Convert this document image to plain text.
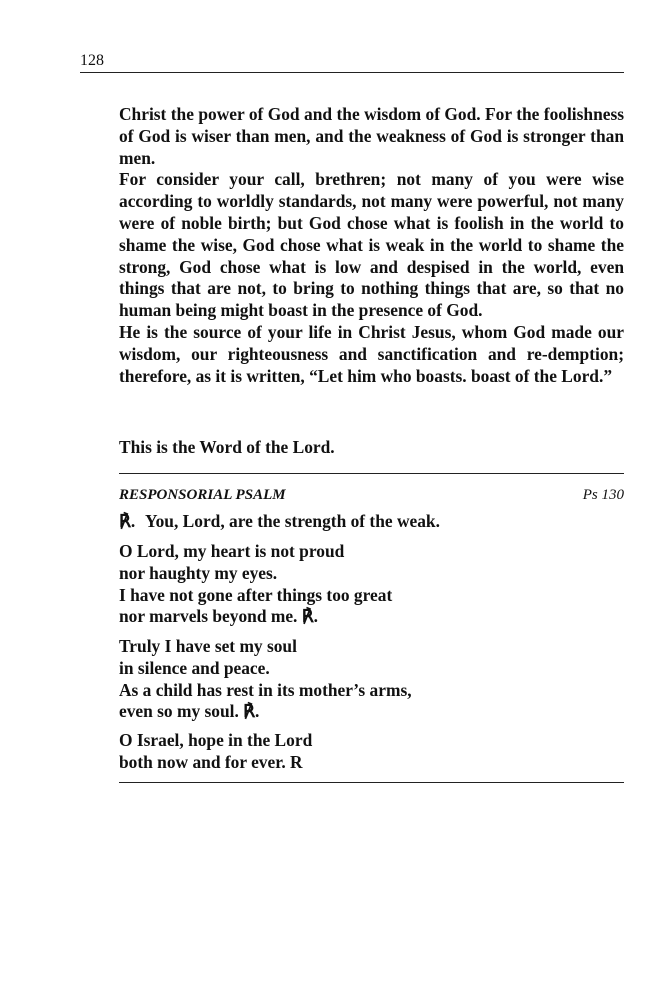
128

Christ the power of God and the wisdom of God. For the foolishness of God is wiser than men, and the weakness of God is stronger than men.

For consider your call, brethren; not many of you were wise according to worldly standards, not many were powerful, not many were of noble birth; but God chose what is foolish in the world to shame the wise, God chose what is weak in the world to shame the strong, God chose what is low and despised in the world, even things that are not, to bring to nothing things that are, so that no human being might boast in the presence of God.

He is the source of your life in Christ Jesus, whom God made our wisdom, our righteousness and sanctification and re-demption; therefore, as it is written, “Let him who boasts. boast of the Lord.”

This is the Word of the Lord.

RESPONSORIAL PSALM	Ps 130
℟. You, Lord, are the strength of the weak.
O Lord, my heart is not proud
nor haughty my eyes.
I have not gone after things too great
nor marvels beyond me. ℟.
Truly I have set my soul
in silence and peace.
As a child has rest in its mother’s arms,
even so my soul. ℟.
O Israel, hope in the Lord
both now and for ever. R
